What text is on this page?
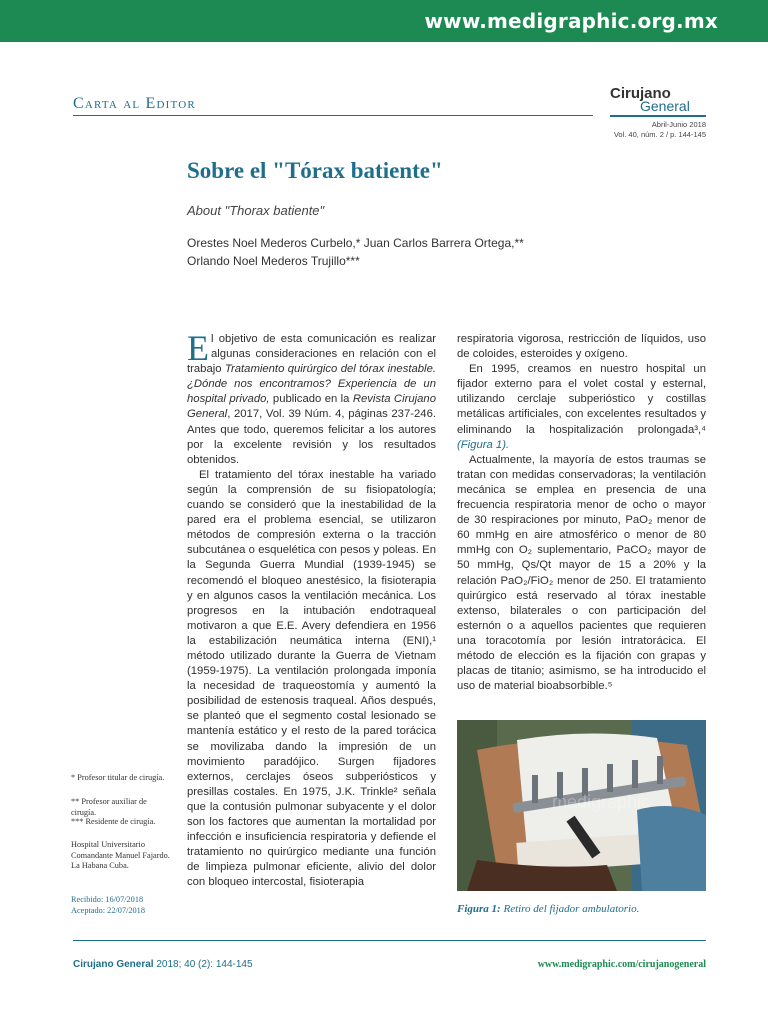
www.medigraphic.org.mx
Carta al Editor
Cirujano
General
Abril-Junio 2018
Vol. 40, núm. 2 / p. 144-145
Sobre el "Tórax batiente"
About "Thorax batiente"
Orestes Noel Mederos Curbelo,* Juan Carlos Barrera Ortega,**
Orlando Noel Mederos Trujillo***

El objetivo de esta comunicación es realizar algunas consideraciones en relación con el trabajo Tratamiento quirúrgico del tórax inestable. ¿Dónde nos encontramos? Experiencia de un hospital privado, publicado en la Revista Cirujano General, 2017, Vol. 39 Núm. 4, páginas 237-246. Antes que todo, queremos felicitar a los autores por la excelente revisión y los resultados obtenidos.

El tratamiento del tórax inestable ha variado según la comprensión de su fisiopatología; cuando se consideró que la inestabilidad de la pared era el problema esencial, se utilizaron métodos de compresión externa o la tracción subcutánea o esquelética con pesos y poleas. En la Segunda Guerra Mundial (1939-1945) se recomendó el bloqueo anestésico, la fisioterapia y en algunos casos la ventilación mecánica. Los progresos en la intubación endotraqueal motivaron a que E.E. Avery defendiera en 1956 la estabilización neumática interna (ENI),¹ método utilizado durante la Guerra de Vietnam (1959-1975). La ventilación prolongada imponía la necesidad de traqueostomía y aumentó la posibilidad de estenosis traqueal. Años después, se planteó que el segmento costal lesionado se mantenía estático y el resto de la pared torácica se movilizaba dando la impresión de un movimiento paradójico. Surgen fijadores externos, cerclajes óseos subperiósticos y presillas costales. En 1975, J.K. Trinkle² señala que la contusión pulmonar subyacente y el dolor son los factores que aumentan la mortalidad por infección e insuficiencia respiratoria y defiende el tratamiento no quirúrgico mediante una función de limpieza pulmonar eficiente, alivio del dolor con bloqueo intercostal, fisioterapia

respiratoria vigorosa, restricción de líquidos, uso de coloides, esteroides y oxígeno.

En 1995, creamos en nuestro hospital un fijador externo para el volet costal y esternal, utilizando cerclaje subperióstico y costillas metálicas artificiales, con excelentes resultados y eliminando la hospitalización prolongada³,⁴ (Figura 1).

Actualmente, la mayoría de estos traumas se tratan con medidas conservadoras; la ventilación mecánica se emplea en presencia de una frecuencia respiratoria menor de ocho o mayor de 30 respiraciones por minuto, PaO₂ menor de 60 mmHg en aire atmosférico o menor de 80 mmHg con O₂ suplementario, PaCO₂ mayor de 50 mmHg, Qs/Qt mayor de 15 a 20% y la relación PaO₂/FiO₂ menor de 250. El tratamiento quirúrgico está reservado al tórax inestable extenso, bilaterales o con participación del esternón o a aquellos pacientes que requieren una toracotomía por lesión intratorácica. El método de elección es la fijación con grapas y placas de titanio; asimismo, se ha introducido el uso de material bioabsorbible.⁵

* Profesor titular de cirugía.
** Profesor auxiliar de cirugía.
*** Residente de cirugía.
Hospital Universitario Comandante Manuel Fajardo. La Habana Cuba.
Recibido: 16/07/2018
Aceptado: 22/07/2018
medigraphic
Figura 1: Retiro del fijador ambulatorio.
Cirujano General 2018; 40 (2): 144-145	www.medigraphic.com/cirujanogeneral
